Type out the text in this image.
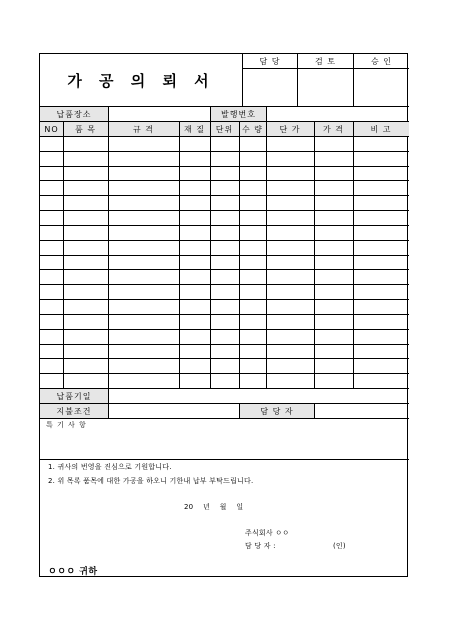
가 공 의 뢰 서
담 당	검 토	승 인
납품장소	발행번호
NO	품 목	규 격	재 질	단위	수 량	단 가	가 격	비 고
납품기일
지불조건	담 당 자
특 기 사 항
1. 귀사의 번영을 진심으로 기원합니다.
2. 위 목록 품목에 대한 가공을 하오니 기한내 납부 부탁드립니다.
20    년    월    일
주식회사 ㅇㅇ
담 당 자 :	(인)
ㅇㅇㅇ 귀하
